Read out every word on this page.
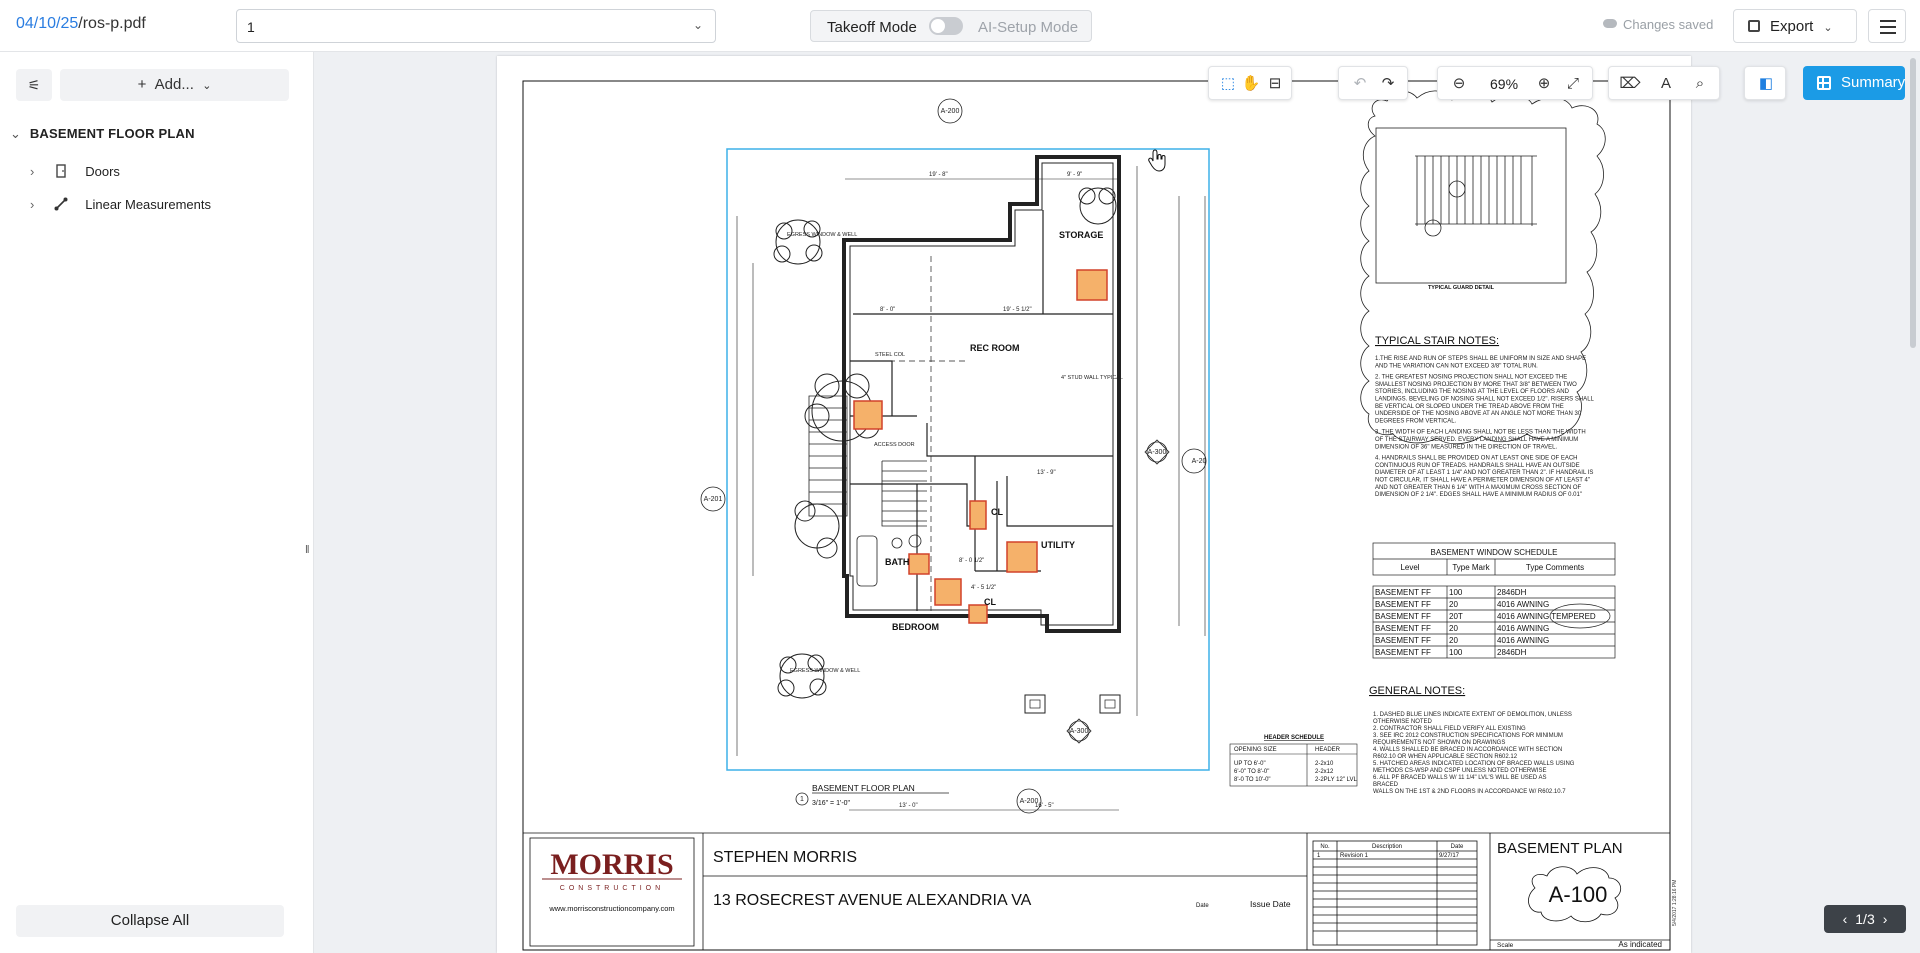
04/10/25/ros-p.pdf	1	⌄	Takeoff Mode	AI-Setup Mode	Changes saved	Export ⌄
⚟	+ Add... ⌄
⌄ BASEMENT FLOOR PLAN
›	Doors
›	Linear Measurements
Collapse All
‖
STORAGE
REC ROOM
CL
UTILITY
BATH
CL
BEDROOM
ACCESS DOOR
STEEL COL
4" STUD WALL TYPICAL
EGRESS WINDOW & WELL
EGRESS WINDOW & WELL
19' - 8"	9' - 9"
8' - 0"	19' - 5 1/2"
13' - 9"
13' - 0"	16' - 5"
4' - 5 1/2"
8' - 0 1/2"
A-200
A-201
A-20
A-200
A-300
A-300
1
BASEMENT FLOOR PLAN
3/16" = 1'-0"
TYPICAL GUARD DETAIL
TYPICAL STAIR NOTES:
1.THE RISE AND RUN OF STEPS SHALL BE UNIFORM IN SIZE AND SHAPE
AND THE VARIATION CAN NOT EXCEED 3/8" TOTAL RUN.
2. THE GREATEST NOSING PROJECTION SHALL NOT EXCEED THE
SMALLEST NOSING PROJECTION BY MORE THAT 3/8" BETWEEN TWO
STORIES, INCLUDING THE NOSING AT THE LEVEL OF FLOORS AND
LANDINGS. BEVELING OF NOSING SHALL NOT EXCEED 1/2". RISERS SHALL
BE VERTICAL OR SLOPED UNDER THE TREAD ABOVE FROM THE
UNDERSIDE OF THE NOSING ABOVE AT AN ANGLE NOT MORE THAN 30
DEGREES FROM VERTICAL.
3. THE WIDTH OF EACH LANDING SHALL NOT BE LESS THAN THE WIDTH
OF THE STAIRWAY SERVED. EVERY LANDING SHALL HAVE A MINIMUM
DIMENSION OF 36" MEASURED IN THE DIRECTION OF TRAVEL.
4. HANDRAILS SHALL BE PROVIDED ON AT LEAST ONE SIDE OF EACH
CONTINUOUS RUN OF TREADS. HANDRAILS SHALL HAVE AN OUTSIDE
DIAMETER OF AT LEAST 1 1/4" AND NOT GREATER THAN 2". IF HANDRAIL IS
NOT CIRCULAR, IT SHALL HAVE A PERIMETER DIMENSION OF AT LEAST 4"
AND NOT GREATER THAN 6 1/4" WITH A MAXIMUM CROSS SECTION OF
DIMENSION OF 2 1/4". EDGES SHALL HAVE A MINIMUM RADIUS OF 0.01"
BASEMENT WINDOW SCHEDULE
Level	Type Mark	Type Comments
BASEMENT FF 100	2846DH
BASEMENT FF 20	4016 AWNING
BASEMENT FF 20T	4016 AWNING TEMPERED
BASEMENT FF 20	4016 AWNING
BASEMENT FF 20	4016 AWNING
BASEMENT FF 100	2846DH
GENERAL NOTES:
1. DASHED BLUE LINES INDICATE EXTENT OF DEMOLITION, UNLESS
OTHERWISE NOTED
2. CONTRACTOR SHALL FIELD VERIFY ALL EXISTING
3. SEE IRC 2012 CONSTRUCTION SPECIFICATIONS FOR MINIMUM
REQUIREMENTS NOT SHOWN ON DRAWINGS
4. WALLS SHALLED BE BRACED IN ACCORDANCE WITH SECTION
R602.10 OR WHEN APPLICABLE SECTION R602.12
5. HATCHED AREAS INDICATED LOCATION OF BRACED WALLS USING
METHODS CS-WSP AND CSPF UNLESS NOTED OTHERWISE
6. ALL PF BRACED WALLS W/ 11 1/4" LVL'S WILL BE USED AS
BRACED
WALLS ON THE 1ST & 2ND FLOORS IN ACCORDANCE W/ R602.10.7
HEADER SCHEDULE
OPENING SIZE	HEADER
UP TO 6'-0"	2-2x10
6'-0" TO 8'-0"	2-2x12
8'-0 TO 10'-0"	2-2PLY 12" LVL
MORRIS
CONSTRUCTION
www.morrisconstructioncompany.com
STEPHEN MORRIS
13 ROSECREST AVENUE ALEXANDRIA VA	Date	Issue Date
No.	Description	Date
1	Revision 1	9/27/17	BASEMENT PLAN
A-100
Scale	As indicated
5/4/2017 1:28:16 PM
⬚ ✋ ⊟	↶	↷	⊖	69%	⊕	⤢	⌦	A	⌕	◧	Summary
‹ 1/3 ›
